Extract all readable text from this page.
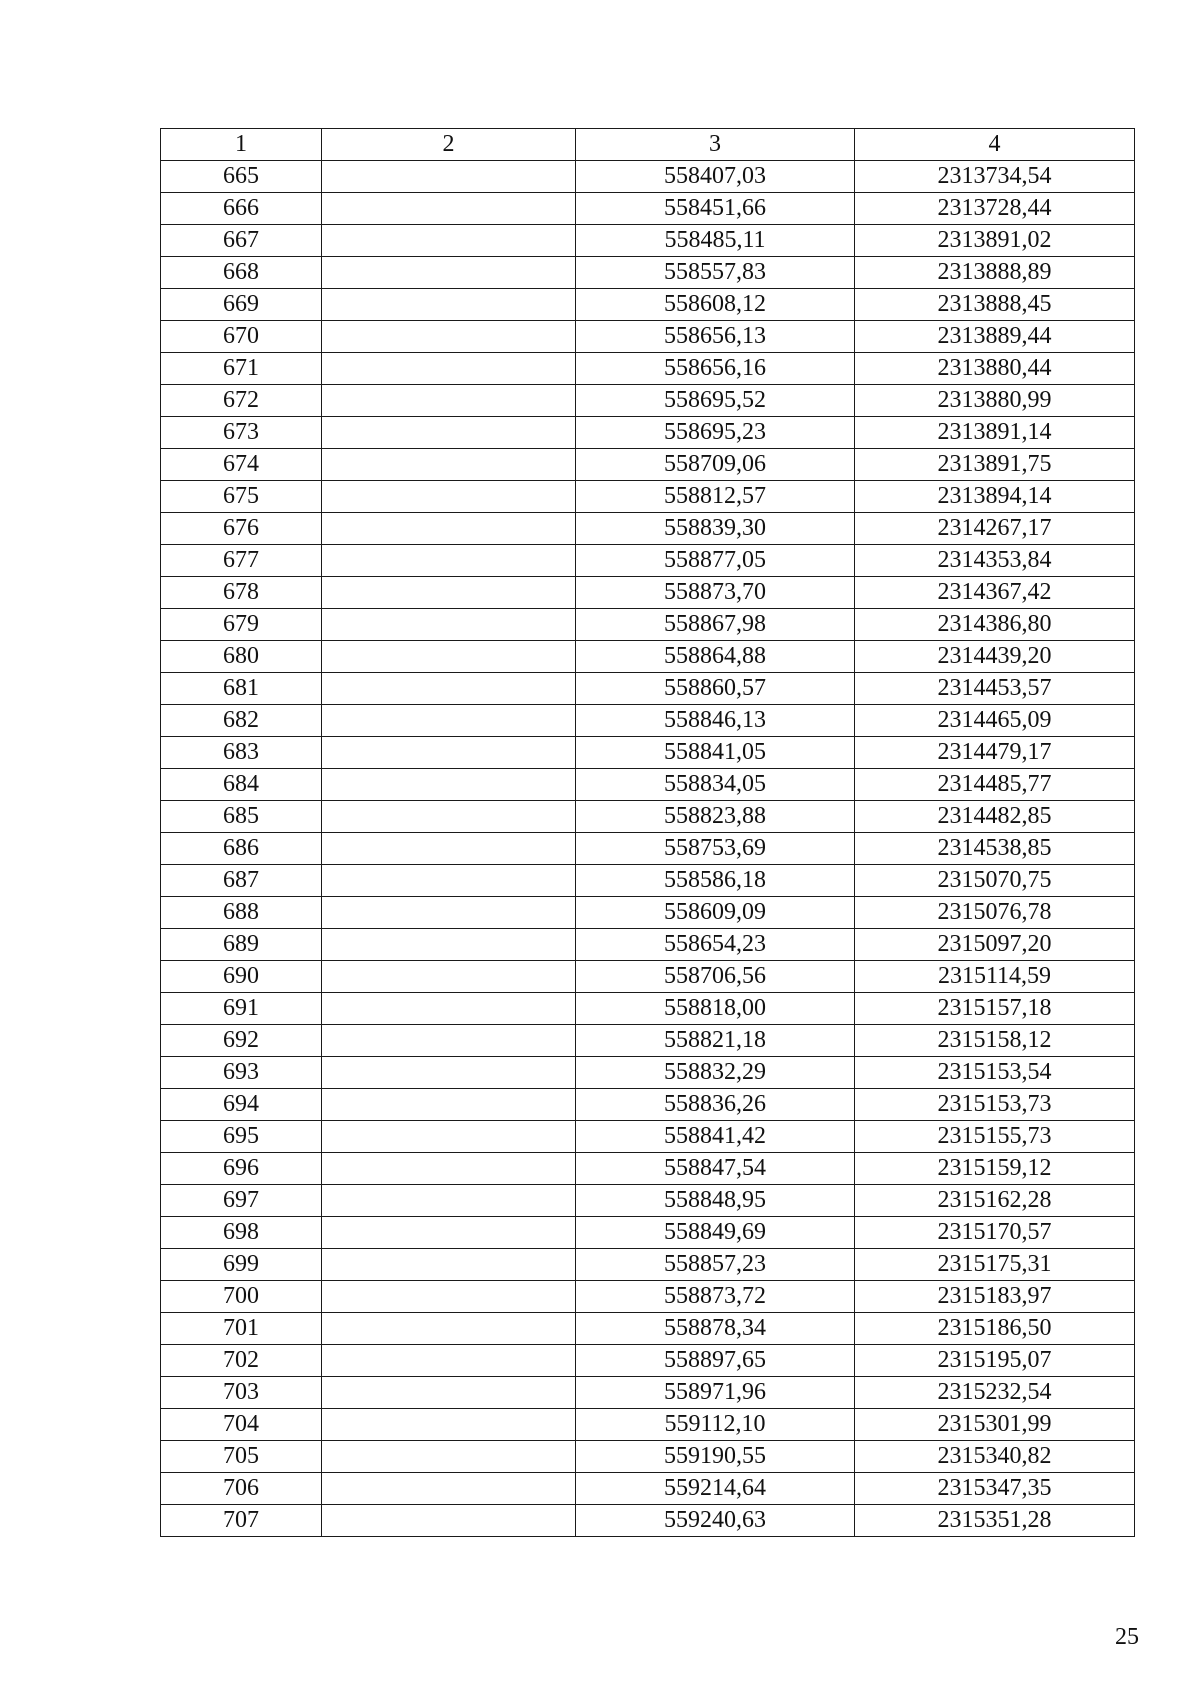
1	2	3	4
665		558407,03	2313734,54
666		558451,66	2313728,44
667		558485,11	2313891,02
668		558557,83	2313888,89
669		558608,12	2313888,45
670		558656,13	2313889,44
671		558656,16	2313880,44
672		558695,52	2313880,99
673		558695,23	2313891,14
674		558709,06	2313891,75
675		558812,57	2313894,14
676		558839,30	2314267,17
677		558877,05	2314353,84
678		558873,70	2314367,42
679		558867,98	2314386,80
680		558864,88	2314439,20
681		558860,57	2314453,57
682		558846,13	2314465,09
683		558841,05	2314479,17
684		558834,05	2314485,77
685		558823,88	2314482,85
686		558753,69	2314538,85
687		558586,18	2315070,75
688		558609,09	2315076,78
689		558654,23	2315097,20
690		558706,56	2315114,59
691		558818,00	2315157,18
692		558821,18	2315158,12
693		558832,29	2315153,54
694		558836,26	2315153,73
695		558841,42	2315155,73
696		558847,54	2315159,12
697		558848,95	2315162,28
698		558849,69	2315170,57
699		558857,23	2315175,31
700		558873,72	2315183,97
701		558878,34	2315186,50
702		558897,65	2315195,07
703		558971,96	2315232,54
704		559112,10	2315301,99
705		559190,55	2315340,82
706		559214,64	2315347,35
707		559240,63	2315351,28
25
